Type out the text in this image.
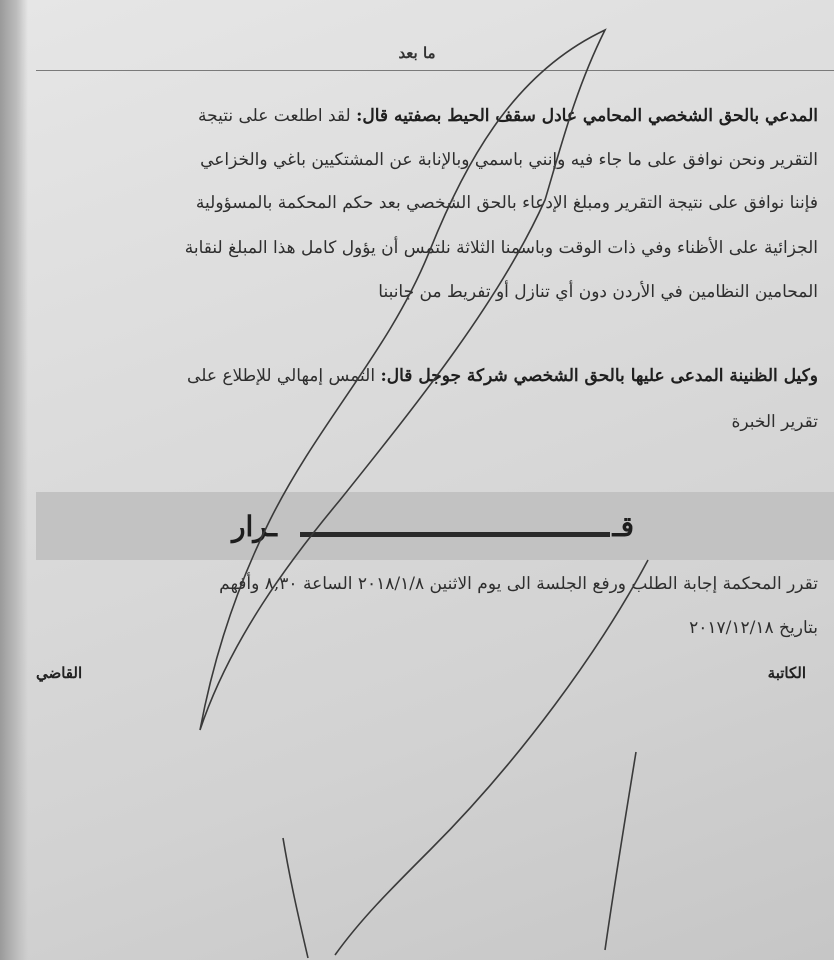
ما بعد
المدعي بالحق الشخصي المحامي عادل سقف الحيط بصفتيه قال: لقد اطلعت على نتيجة
التقرير ونحن نوافق على ما جاء فيه وإنني باسمي وبالإنابة عن المشتكيين باغي والخزاعي
فإننا نوافق على نتيجة التقرير ومبلغ الإدعاء بالحق الشخصي بعد حكم المحكمة بالمسؤولية
الجزائية على الأظناء وفي ذات الوقت وباسمنا الثلاثة نلتمس أن يؤول كامل هذا المبلغ لنقابة
المحامين النظامين في الأردن دون أي تنازل أو تفريط من جانبنا
وكيل الظنينة المدعى عليها بالحق الشخصي شركة جوجل قال: التمس إمهالي للإطلاع على
تقرير الخبرة
قـ
ـرار
تقرر المحكمة إجابة الطلب ورفع الجلسة الى يوم الاثنين ٢٠١٨/١/٨ الساعة ٨,٣٠ وأفهم
بتاريخ ٢٠١٧/١٢/١٨
الكاتبة
القاضي
